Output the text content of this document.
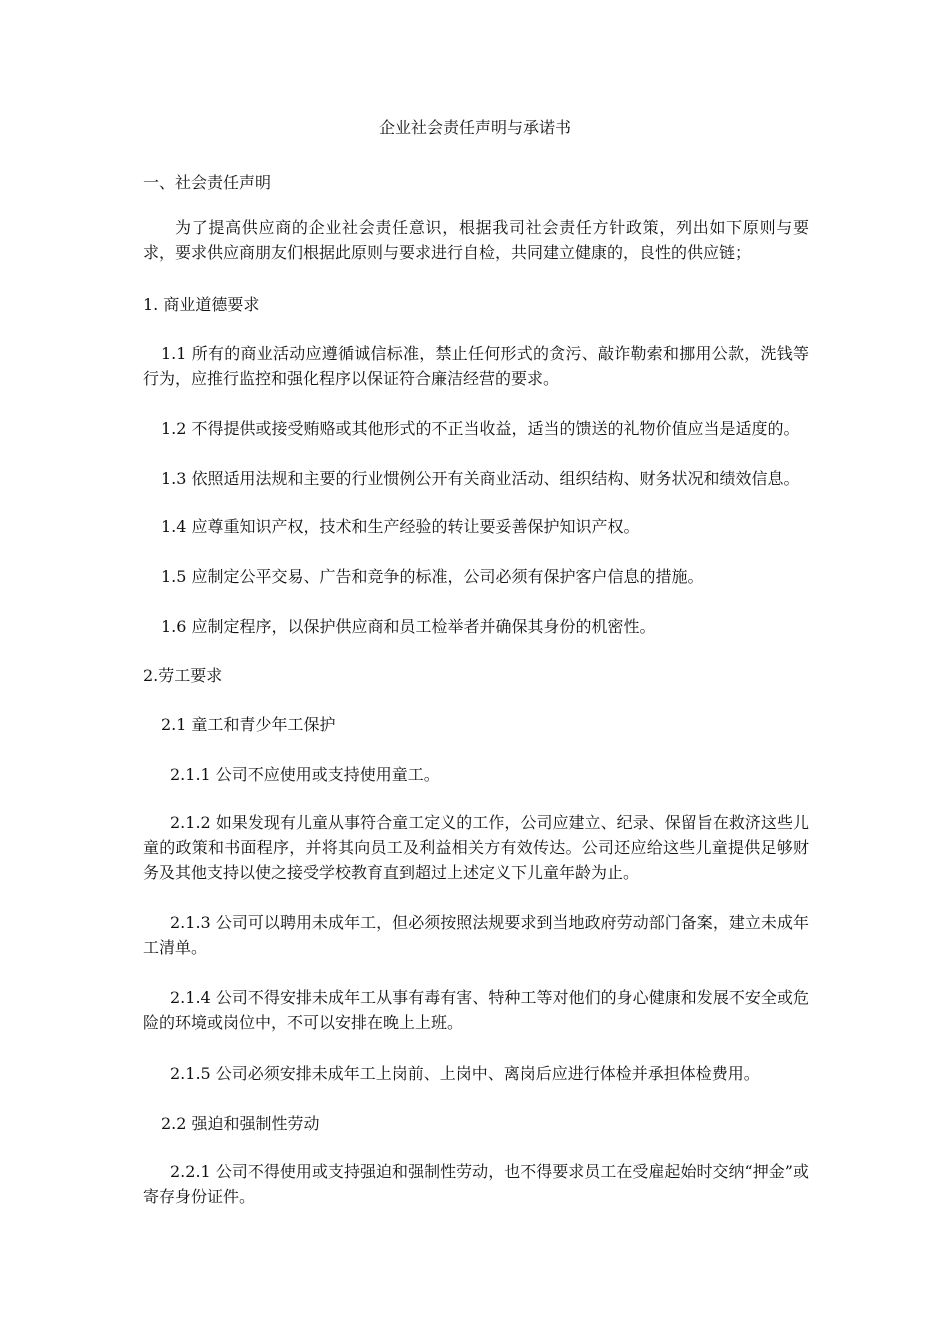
企业社会责任声明与承诺书
一、社会责任声明
为了提高供应商的企业社会责任意识，根据我司社会责任方针政策，列出如下原则与要求，要求供应商朋友们根据此原则与要求进行自检，共同建立健康的，良性的供应链；
1. 商业道德要求
1.1 所有的商业活动应遵循诚信标准，禁止任何形式的贪污、敲诈勒索和挪用公款，洗钱等行为，应推行监控和强化程序以保证符合廉洁经营的要求。
1.2 不得提供或接受贿赂或其他形式的不正当收益，适当的馈送的礼物价值应当是适度的。
1.3 依照适用法规和主要的行业惯例公开有关商业活动、组织结构、财务状况和绩效信息。
1.4 应尊重知识产权，技术和生产经验的转让要妥善保护知识产权。
1.5 应制定公平交易、广告和竞争的标准，公司必须有保护客户信息的措施。
1.6 应制定程序，以保护供应商和员工检举者并确保其身份的机密性。
2.劳工要求
2.1 童工和青少年工保护
2.1.1 公司不应使用或支持使用童工。
2.1.2 如果发现有儿童从事符合童工定义的工作，公司应建立、纪录、保留旨在救济这些儿童的政策和书面程序，并将其向员工及利益相关方有效传达。公司还应给这些儿童提供足够财务及其他支持以使之接受学校教育直到超过上述定义下儿童年龄为止。
2.1.3 公司可以聘用未成年工，但必须按照法规要求到当地政府劳动部门备案，建立未成年工清单。
2.1.4 公司不得安排未成年工从事有毒有害、特种工等对他们的身心健康和发展不安全或危险的环境或岗位中，不可以安排在晚上上班。
2.1.5 公司必须安排未成年工上岗前、上岗中、离岗后应进行体检并承担体检费用。
2.2 强迫和强制性劳动
2.2.1 公司不得使用或支持强迫和强制性劳动，也不得要求员工在受雇起始时交纳“押金”或寄存身份证件。
